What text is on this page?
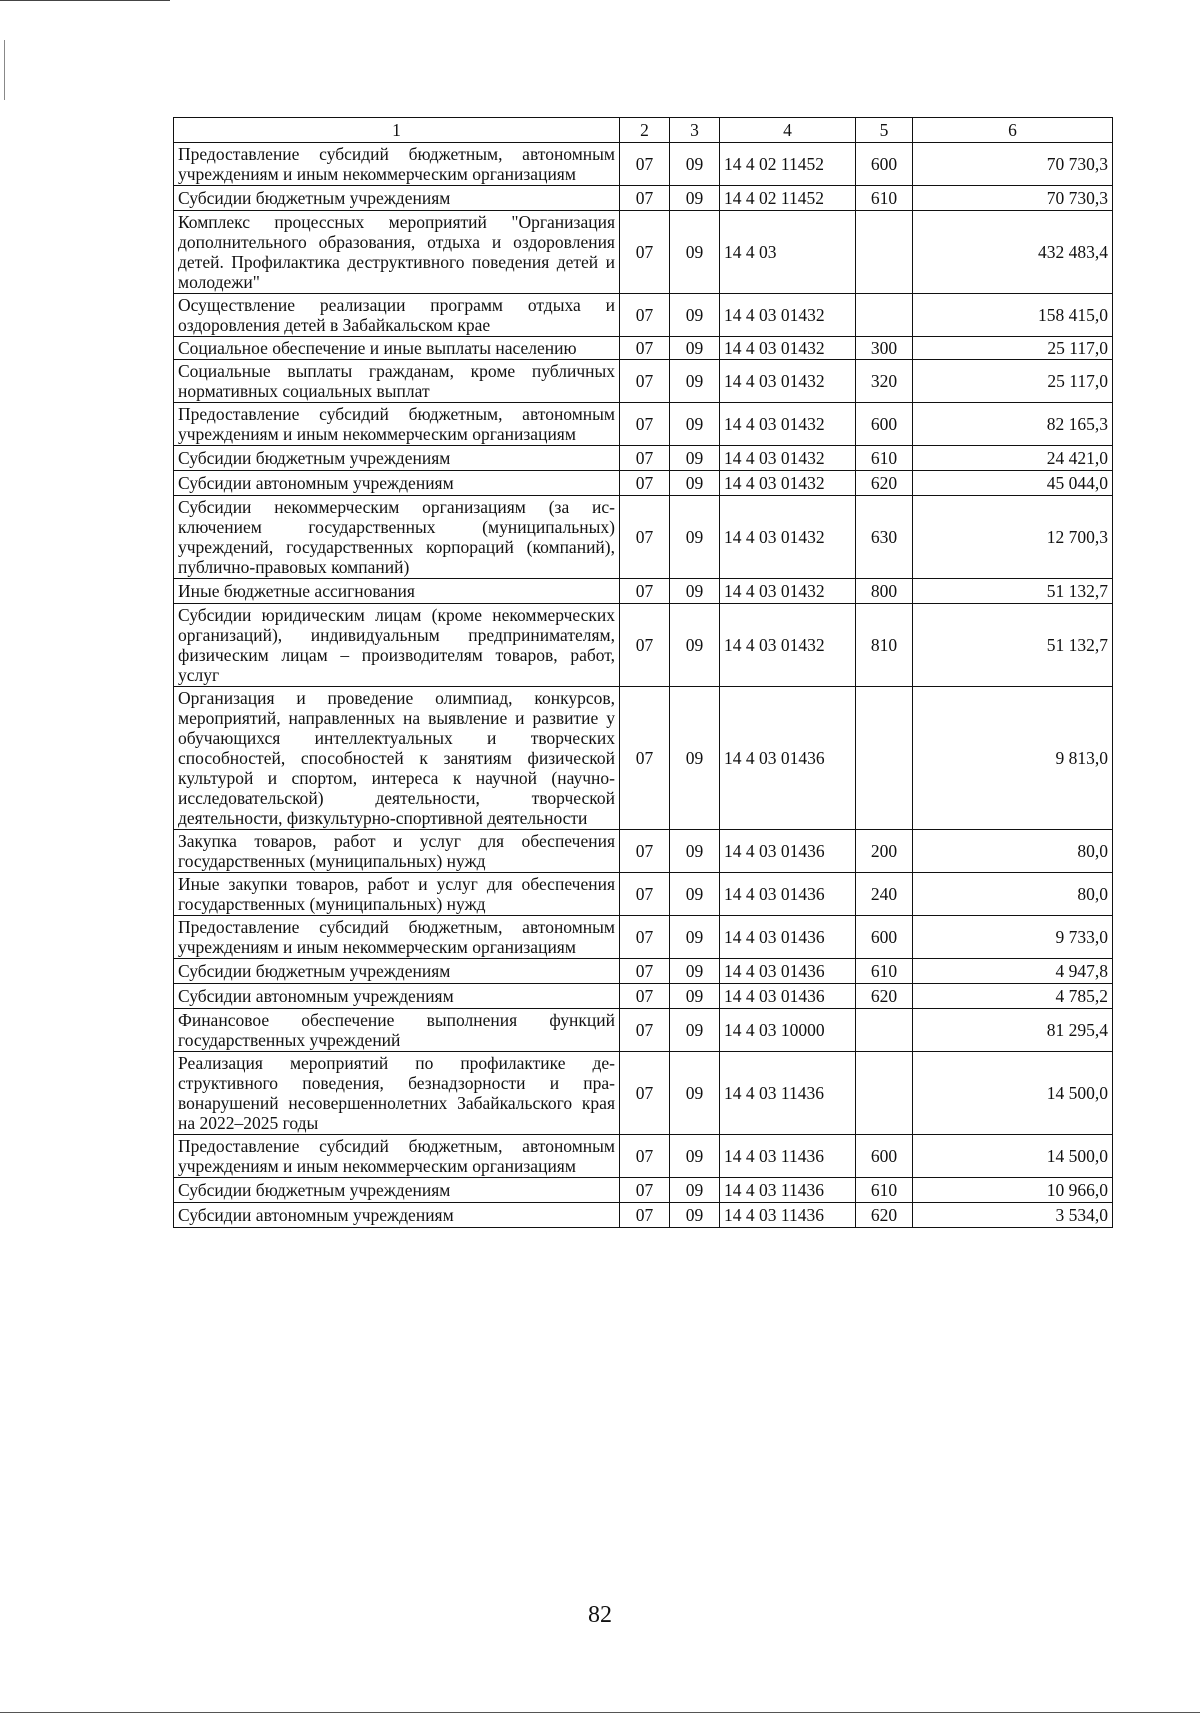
1	2	3	4	5	6
Предоставление субсидий бюджетным, автономным учреждениям и иным некоммерческим организациям	07	09	14 4 02 11452	600	70 730,3
Субсидии бюджетным учреждениям	07	09	14 4 02 11452	610	70 730,3
Комплекс процессных мероприятий "Организация дополнительного образования, отдыха и оздоровления детей. Профилактика деструктивного поведения детей и молодежи"	07	09	14 4 03		432 483,4
Осуществление реализации программ отдыха и оздоровления детей в Забайкальском крае	07	09	14 4 03 01432		158 415,0
Социальное обеспечение и иные выплаты населению	07	09	14 4 03 01432	300	25 117,0
Социальные выплаты гражданам, кроме публичных нормативных социальных выплат	07	09	14 4 03 01432	320	25 117,0
Предоставление субсидий бюджетным, автономным учреждениям и иным некоммерческим организациям	07	09	14 4 03 01432	600	82 165,3
Субсидии бюджетным учреждениям	07	09	14 4 03 01432	610	24 421,0
Субсидии автономным учреждениям	07	09	14 4 03 01432	620	45 044,0
Субсидии некоммерческим организациям (за исключением государственных (муниципальных) учреждений, государственных корпораций (компаний), публично-правовых компаний)	07	09	14 4 03 01432	630	12 700,3
Иные бюджетные ассигнования	07	09	14 4 03 01432	800	51 132,7
Субсидии юридическим лицам (кроме некоммерческих организаций), индивидуальным предпринимателям, физическим лицам – производителям товаров, работ, услуг	07	09	14 4 03 01432	810	51 132,7
Организация и проведение олимпиад, конкурсов, мероприятий, направленных на выявление и развитие у обучающихся интеллектуальных и творческих способностей, способностей к занятиям физической культурой и спортом, интереса к научной (научно-исследовательской) деятельности, творческой деятельности, физкультурно-спортивной деятельности	07	09	14 4 03 01436		9 813,0
Закупка товаров, работ и услуг для обеспечения государственных (муниципальных) нужд	07	09	14 4 03 01436	200	80,0
Иные закупки товаров, работ и услуг для обеспечения государственных (муниципальных) нужд	07	09	14 4 03 01436	240	80,0
Предоставление субсидий бюджетным, автономным учреждениям и иным некоммерческим организациям	07	09	14 4 03 01436	600	9 733,0
Субсидии бюджетным учреждениям	07	09	14 4 03 01436	610	4 947,8
Субсидии автономным учреждениям	07	09	14 4 03 01436	620	4 785,2
Финансовое обеспечение выполнения функций государственных учреждений	07	09	14 4 03 10000		81 295,4
Реализация мероприятий по профилактике деструктивного поведения, безнадзорности и правонарушений несовершеннолетних Забайкальского края на 2022–2025 годы	07	09	14 4 03 11436		14 500,0
Предоставление субсидий бюджетным, автономным учреждениям и иным некоммерческим организациям	07	09	14 4 03 11436	600	14 500,0
Субсидии бюджетным учреждениям	07	09	14 4 03 11436	610	10 966,0
Субсидии автономным учреждениям	07	09	14 4 03 11436	620	3 534,0
82
